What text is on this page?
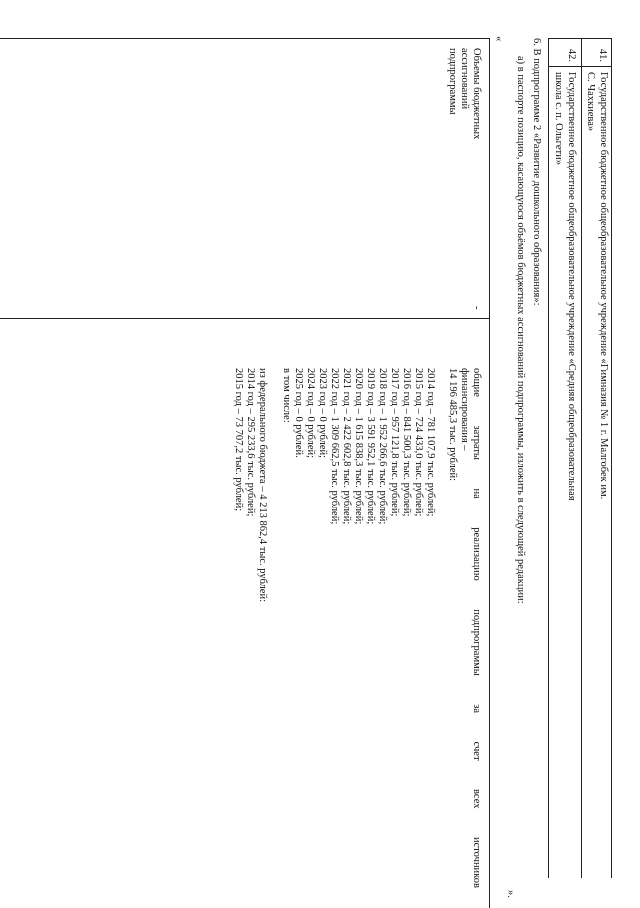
41.
Государственное бюджетное общеобразовательное учреждение «Гимназия № 1 г. Малгобек им.
С. Чахкиева»
42.
Государственное бюджетное общеобразовательное учреждение «Средняя общеобразовательная
школа с. п. Ольгети»
6. В подпрограмме 2 «Развитие дошкольного образования»:
а) в паспорте позицию, касающуюся объёмов бюджетных ассигнований подпрограммы, изложить в следующей редакции:
«
».
Объемы бюджетных
ассигнований
подпрограммы
-
общие
затраты
на
реализацию
подпрограммы
за
счет
всех
источников
финансирования –
14 196 485,3 тыс. рублей:
2014 год – 781 107,9 тыс. рублей;
2015 год – 724 433,0 тыс. рублей;
2016 год – 841 500,3 тыс. рублей;
2017 год – 957 121,8 тыс. рублей;
2018 год – 1 952 266,6 тыс. рублей;
2019 год – 3 591 952,1 тыс. рублей;
2020 год – 1 615 838,3 тыс. рублей;
2021 год – 2 422 602,8 тыс. рублей;
2022 год – 1 309 662,5 тыс. рублей;
2023 год – 0 рублей;
2024 год – 0 рублей;
2025 год – 0 рублей.
в том числе:
из федерального бюджета – 4 213 862,4 тыс. рублей:
2014 год – 295 233,6 тыс. рублей;
2015 год – 73 707,2 тыс. рублей;
